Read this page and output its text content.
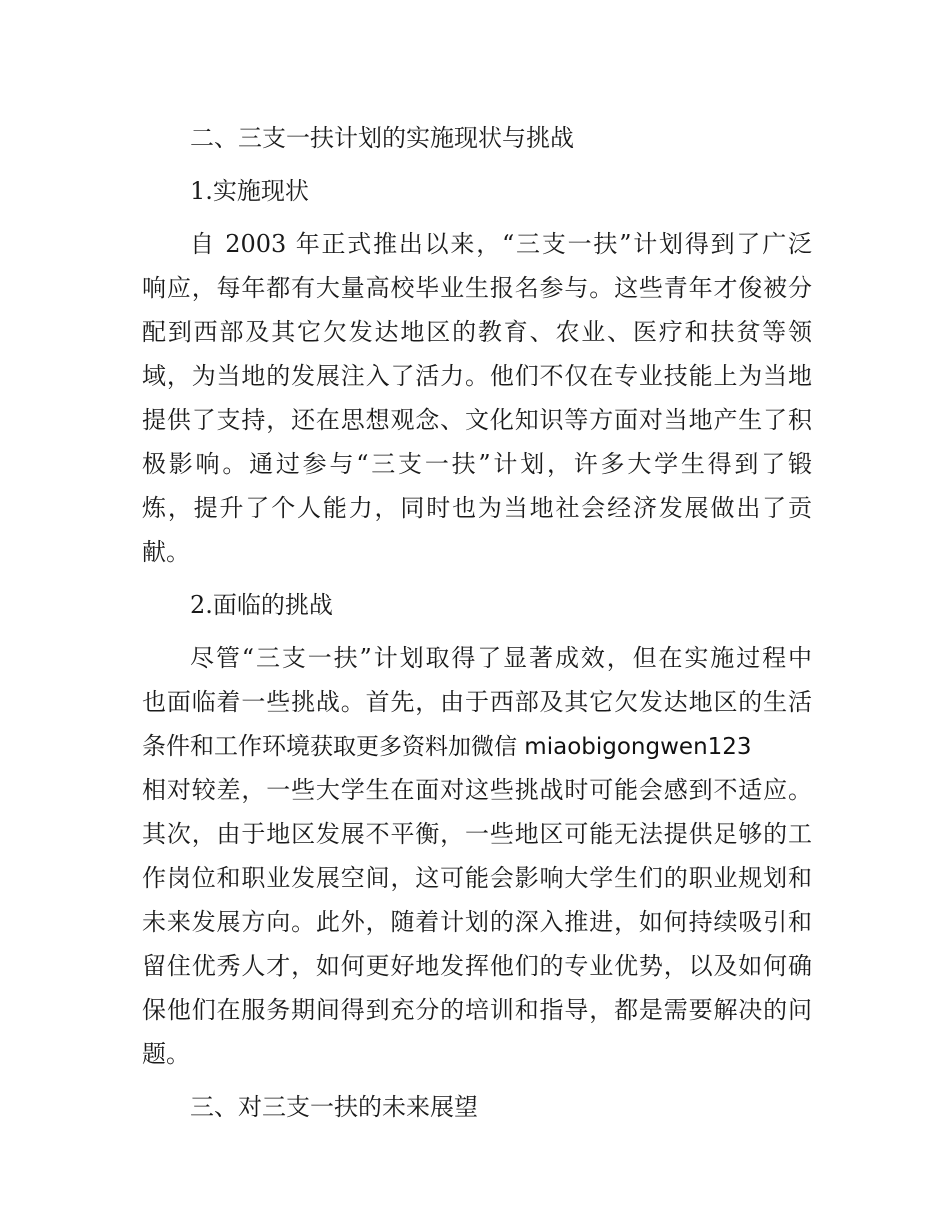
二、三支一扶计划的实施现状与挑战
1.实施现状
自 2003 年正式推出以来，“三支一扶”计划得到了广泛
响应，每年都有大量高校毕业生报名参与。这些青年才俊被分
配到西部及其它欠发达地区的教育、农业、医疗和扶贫等领
域，为当地的发展注入了活力。他们不仅在专业技能上为当地
提供了支持，还在思想观念、文化知识等方面对当地产生了积
极影响。通过参与“三支一扶”计划，许多大学生得到了锻
炼，提升了个人能力，同时也为当地社会经济发展做出了贡
献。
2.面临的挑战
尽管“三支一扶”计划取得了显著成效，但在实施过程中
也面临着一些挑战。首先，由于西部及其它欠发达地区的生活
条件和工作环境获取更多资料加微信 miaobigongwen123
相对较差，一些大学生在面对这些挑战时可能会感到不适应。
其次，由于地区发展不平衡，一些地区可能无法提供足够的工
作岗位和职业发展空间，这可能会影响大学生们的职业规划和
未来发展方向。此外，随着计划的深入推进，如何持续吸引和
留住优秀人才，如何更好地发挥他们的专业优势，以及如何确
保他们在服务期间得到充分的培训和指导，都是需要解决的问
题。
三、对三支一扶的未来展望
